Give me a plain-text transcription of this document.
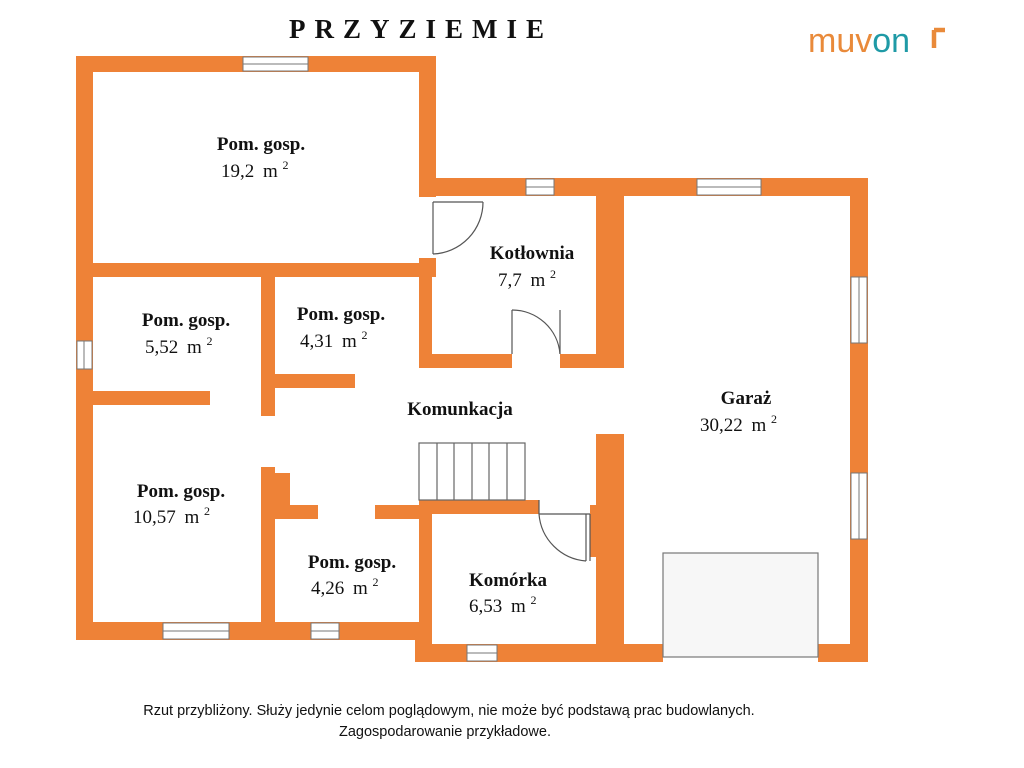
PRZYZIEMIE	muvon
Pom. gosp.
19,2 m $^2$
Kotłownia
7,7 m $^2$
Pom. gosp.
5,52 m $^2$
Pom. gosp.
4,31 m $^2$
Komunkacja
Garaż
30,22 m $^2$
Pom. gosp.
10,57 m $^2$
Pom. gosp.
4,26 m $^2$	Komórka
6,53 m $^2$
Rzut przybliżony. Służy jedynie celom poglądowym, nie może być podstawą prac budowlanych.
Zagospodarowanie przykładowe.
